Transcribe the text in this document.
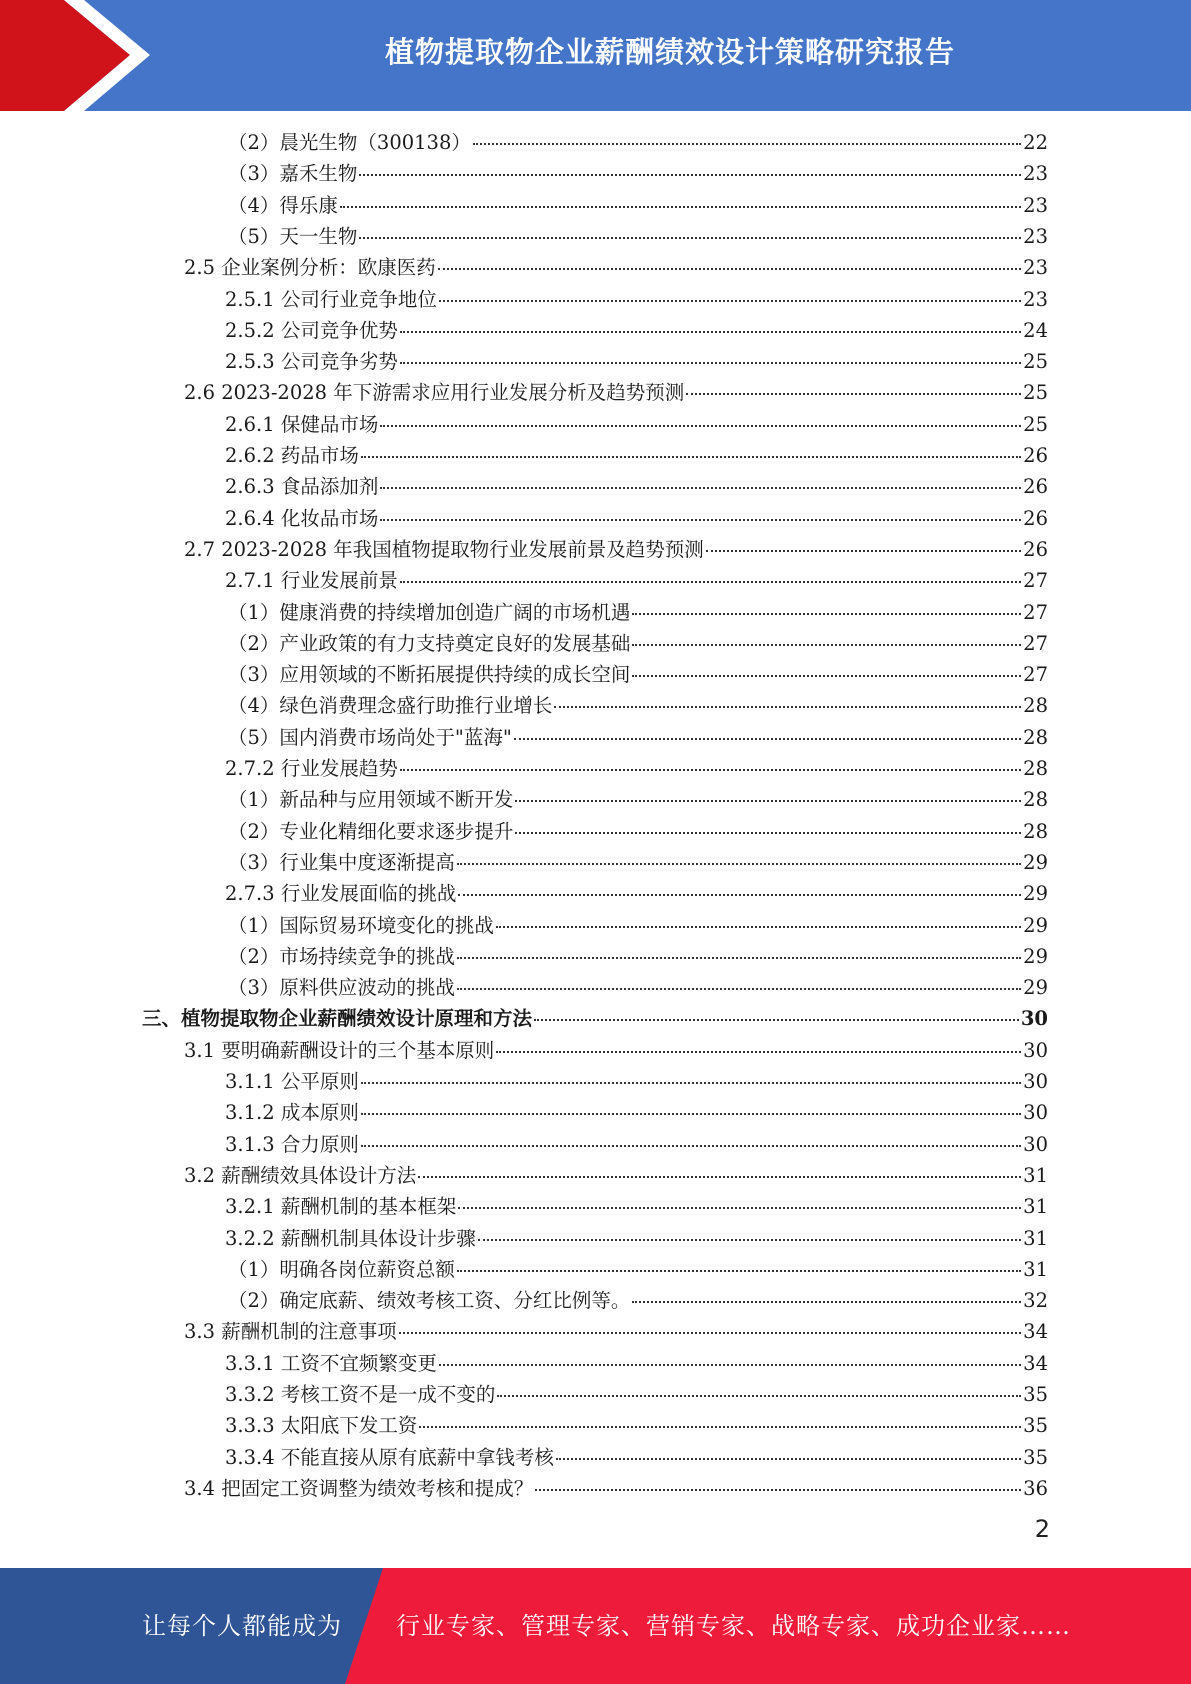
植物提取物企业薪酬绩效设计策略研究报告
（2）晨光生物（300138）	22
（3）嘉禾生物	23
（4）得乐康	23
（5）天一生物	23
2.5 企业案例分析：欧康医药	23
2.5.1 公司行业竞争地位	23
2.5.2 公司竞争优势	24
2.5.3 公司竞争劣势	25
2.6 2023-2028 年下游需求应用行业发展分析及趋势预测	25
2.6.1 保健品市场	25
2.6.2 药品市场	26
2.6.3 食品添加剂	26
2.6.4 化妆品市场	26
2.7 2023-2028 年我国植物提取物行业发展前景及趋势预测	26
2.7.1 行业发展前景	27
（1）健康消费的持续增加创造广阔的市场机遇	27
（2）产业政策的有力支持奠定良好的发展基础	27
（3）应用领域的不断拓展提供持续的成长空间	27
（4）绿色消费理念盛行助推行业增长	28
（5）国内消费市场尚处于"蓝海"	28
2.7.2 行业发展趋势	28
（1）新品种与应用领域不断开发	28
（2）专业化精细化要求逐步提升	28
（3）行业集中度逐渐提高	29
2.7.3 行业发展面临的挑战	29
（1）国际贸易环境变化的挑战	29
（2）市场持续竞争的挑战	29
（3）原料供应波动的挑战	29
三、植物提取物企业薪酬绩效设计原理和方法	30
3.1 要明确薪酬设计的三个基本原则	30
3.1.1 公平原则	30
3.1.2 成本原则	30
3.1.3 合力原则	30
3.2 薪酬绩效具体设计方法	31
3.2.1 薪酬机制的基本框架	31
3.2.2 薪酬机制具体设计步骤	31
（1）明确各岗位薪资总额	31
（2）确定底薪、绩效考核工资、分红比例等。	32
3.3 薪酬机制的注意事项	34
3.3.1 工资不宜频繁变更	34
3.3.2 考核工资不是一成不变的	35
3.3.3 太阳底下发工资	35
3.3.4 不能直接从原有底薪中拿钱考核	35
3.4 把固定工资调整为绩效考核和提成？	36
2
让每个人都能成为 行业专家、管理专家、营销专家、战略专家、成功企业家……
